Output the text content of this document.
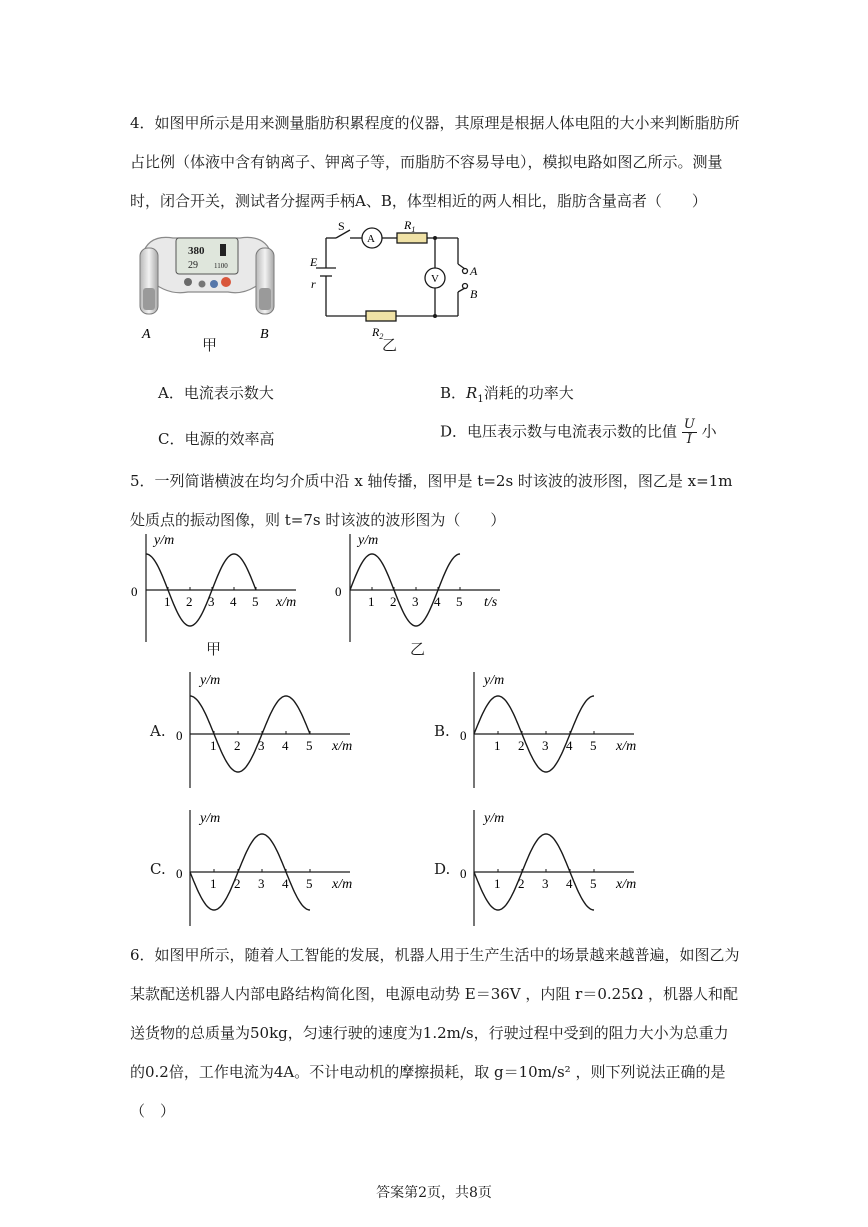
4．如图甲所示是用来测量脂肪积累程度的仪器，其原理是根据人体电阻的大小来判断脂肪所占比例（体液中含有钠离子、钾离子等，而脂肪不容易导电），模拟电路如图乙所示。测量时，闭合开关，测试者分握两手柄A、B，体型相近的两人相比，脂肪含量高者（　　）
380
29 1100
A	B
甲
S
A
$R_1$
V
E
r
A
B
$R_2$
乙
A．电流表示数大	B．$R_1$消耗的功率大
C．电源的效率高	D．电压表示数与电流表示数的比值 $\frac{U}{I}$ 小
5．一列简谐横波在均匀介质中沿 x 轴传播，图甲是 t=2s 时该波的波形图，图乙是 x=1m 处质点的振动图像，则 t=7s 时该波的波形图为（　　）
y/m
x/m
0
1 2 3 4 5
甲
y/m
t/s
0
1 2 3 4 5
乙
A.
y/m
x/m
0
1 2 3 4 5
B.
y/m
x/m
0
1 2 3 4 5
C.
y/m
x/m
0
1 2 3 4 5
D.
y/m
x/m
0
1 2 3 4 5
6．如图甲所示，随着人工智能的发展，机器人用于生产生活中的场景越来越普遍，如图乙为某款配送机器人内部电路结构简化图，电源电动势 E＝36V ，内阻 r＝0.25Ω ，机器人和配送货物的总质量为50kg，匀速行驶的速度为1.2m/s，行驶过程中受到的阻力大小为总重力的0.2倍，工作电流为4A。不计电动机的摩擦损耗，取 g＝10m/s² ，则下列说法正确的是（　）
答案第2页，共8页
